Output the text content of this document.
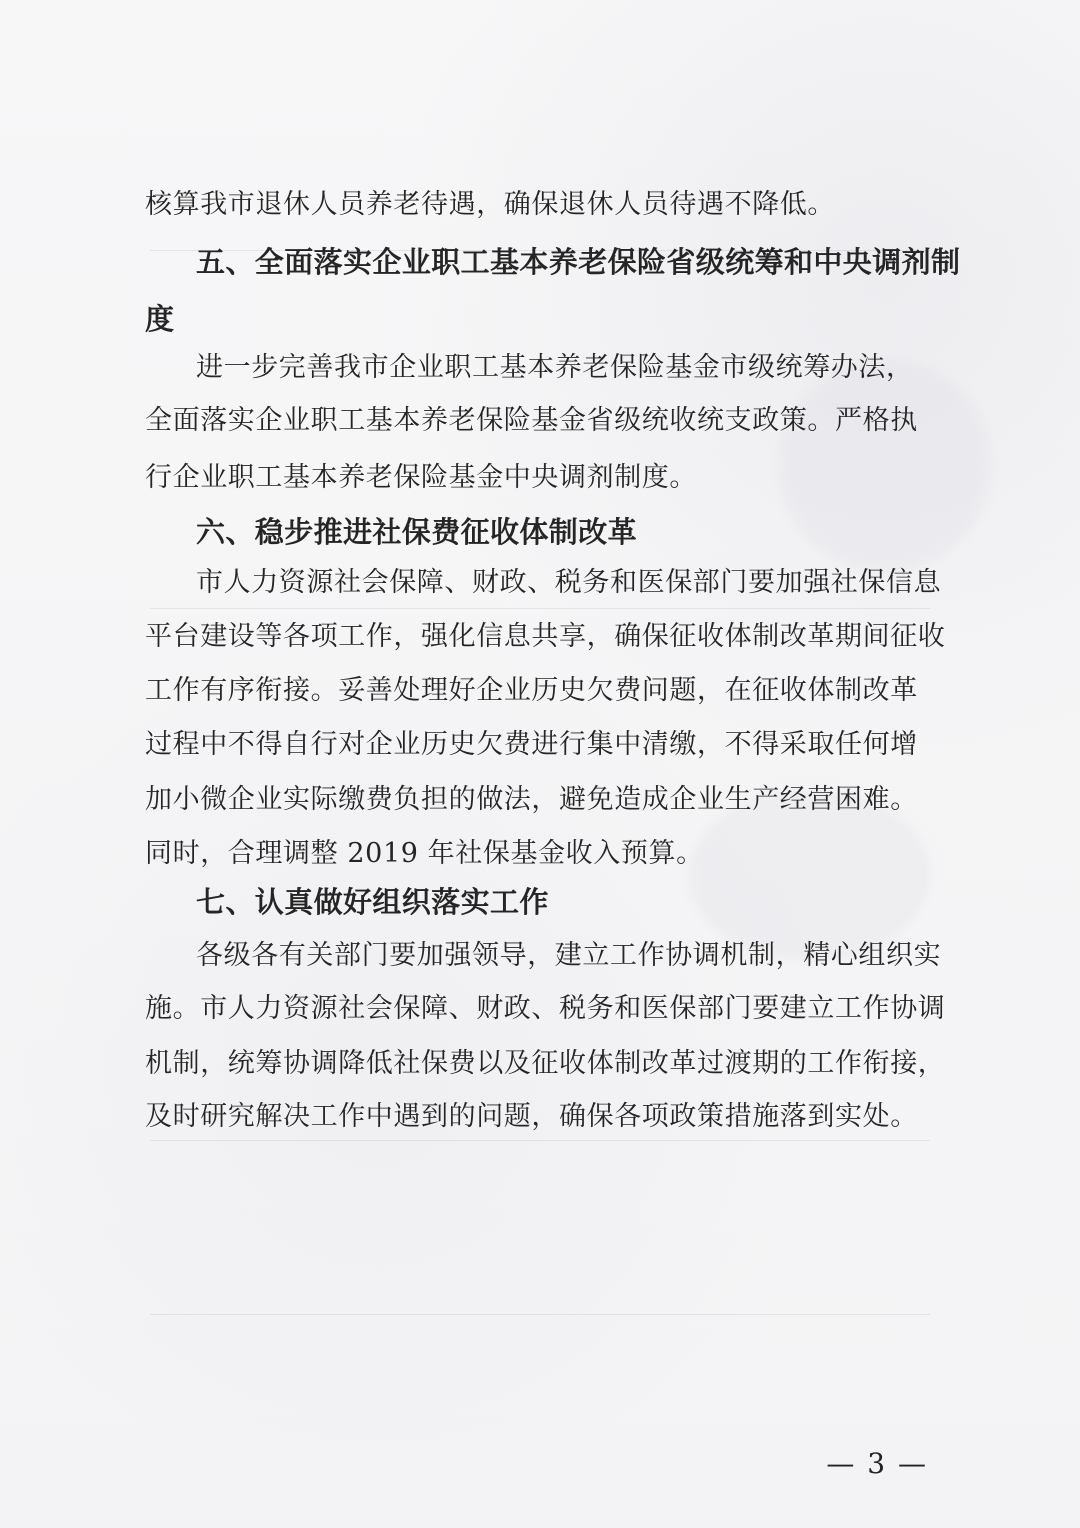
核算我市退休人员养老待遇，确保退休人员待遇不降低。
五、全面落实企业职工基本养老保险省级统筹和中央调剂制
度
进一步完善我市企业职工基本养老保险基金市级统筹办法，
全面落实企业职工基本养老保险基金省级统收统支政策。严格执
行企业职工基本养老保险基金中央调剂制度。
六、稳步推进社保费征收体制改革
市人力资源社会保障、财政、税务和医保部门要加强社保信息
平台建设等各项工作，强化信息共享，确保征收体制改革期间征收
工作有序衔接。妥善处理好企业历史欠费问题，在征收体制改革
过程中不得自行对企业历史欠费进行集中清缴，不得采取任何增
加小微企业实际缴费负担的做法，避免造成企业生产经营困难。
同时，合理调整 2019 年社保基金收入预算。
七、认真做好组织落实工作
各级各有关部门要加强领导，建立工作协调机制，精心组织实
施。市人力资源社会保障、财政、税务和医保部门要建立工作协调
机制，统筹协调降低社保费以及征收体制改革过渡期的工作衔接，
及时研究解决工作中遇到的问题，确保各项政策措施落到实处。
— 3 —
